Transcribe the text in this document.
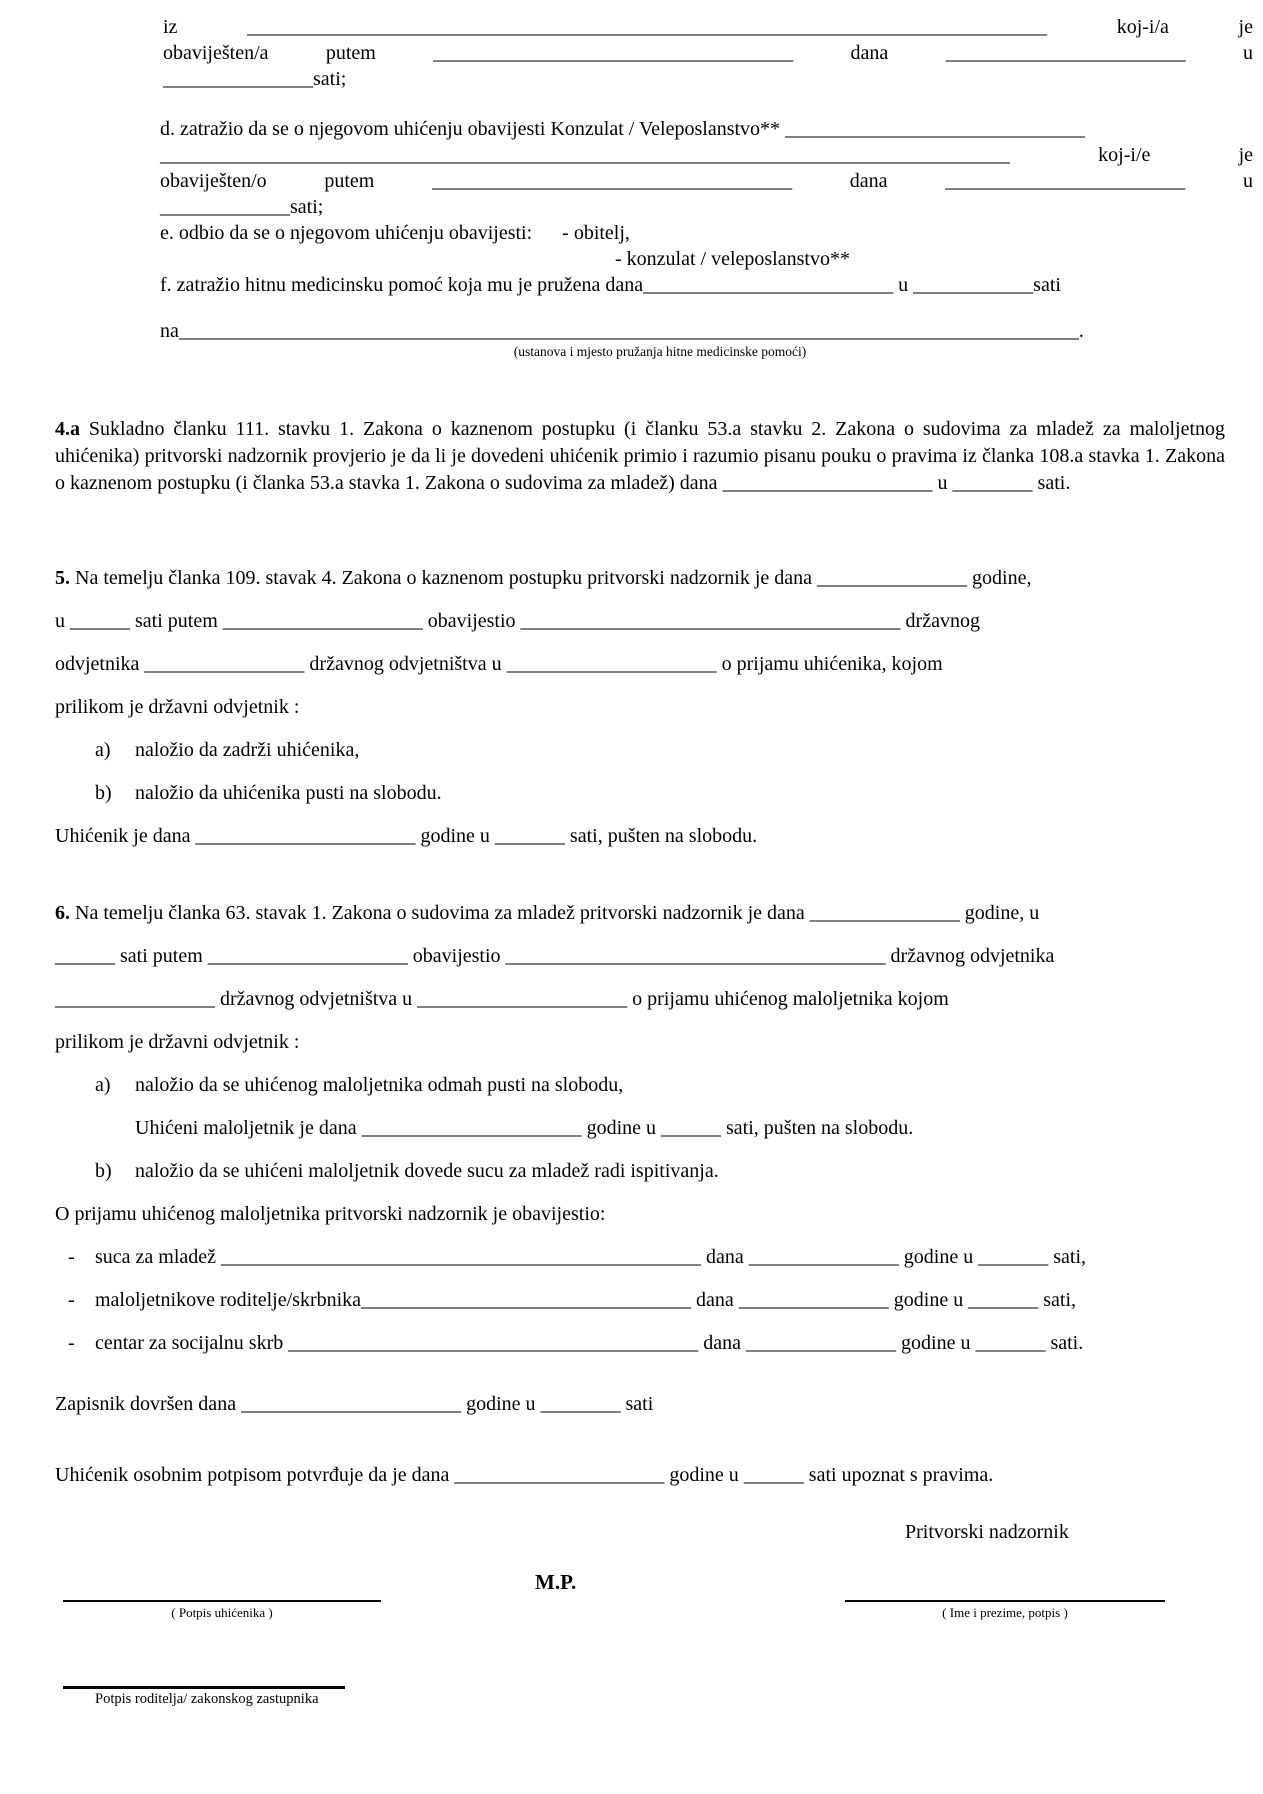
iz	________________________________________________________________________________	koj-i/a	je
obaviješten/a	putem	____________________________________	dana	________________________	u
_______________sati;
d. zatražio da se o njegovom uhićenju obavijesti Konzulat / Veleposlanstvo** ______________________________
_____________________________________________________________________________________	koj-i/e	je
obaviješten/o	putem	____________________________________	dana	________________________	u
_____________sati;
e. odbio da se o njegovom uhićenju obavijesti: - obitelj,
- konzulat / veleposlanstvo**
f. zatražio hitnu medicinsku pomoć koja mu je pružena dana_________________________ u ____________sati
na__________________________________________________________________________________________.
(ustanova i mjesto pružanja hitne medicinske pomoći)
4.a Sukladno članku 111. stavku 1. Zakona o kaznenom postupku (i članku 53.a stavku 2. Zakona o sudovima za mladež za maloljetnog uhićenika) pritvorski nadzornik provjerio je da li je dovedeni uhićenik primio i razumio pisanu pouku o pravima iz članka 108.a stavka 1. Zakona o kaznenom postupku (i članka 53.a stavka 1. Zakona o sudovima za mladež) dana _____________________ u ________ sati.
5. Na temelju članka 109. stavak 4. Zakona o kaznenom postupku pritvorski nadzornik je dana _______________ godine,
u ______ sati putem ____________________ obavijestio ______________________________________ državnog
odvjetnika ________________ državnog odvjetništva u _____________________ o prijamu uhićenika, kojom
prilikom je državni odvjetnik :
a) naložio da zadrži uhićenika,
b) naložio da uhićenika pusti na slobodu.
Uhićenik je dana ______________________ godine u _______ sati, pušten na slobodu.
6. Na temelju članka 63. stavak 1. Zakona o sudovima za mladež pritvorski nadzornik je dana _______________ godine, u
______ sati putem ____________________ obavijestio ______________________________________ državnog odvjetnika
________________ državnog odvjetništva u _____________________ o prijamu uhićenog maloljetnika kojom
prilikom je državni odvjetnik :
a) naložio da se uhićenog maloljetnika odmah pusti na slobodu,
Uhićeni maloljetnik je dana ______________________ godine u ______ sati, pušten na slobodu.
b) naložio da se uhićeni maloljetnik dovede sucu za mladež radi ispitivanja.
O prijamu uhićenog maloljetnika pritvorski nadzornik je obavijestio:
-	suca za mladež ________________________________________________ dana _______________ godine u _______ sati,
-	maloljetnikove roditelje/skrbnika_________________________________ dana _______________ godine u _______ sati,
-	centar za socijalnu skrb _________________________________________ dana _______________ godine u _______ sati.
Zapisnik dovršen dana ______________________ godine u ________ sati
Uhićenik osobnim potpisom potvrđuje da je dana _____________________ godine u ______ sati upoznat s pravima.
Pritvorski nadzornik
( Potpis uhićenika )
M.P.
( Ime i prezime, potpis )
Potpis roditelja/ zakonskog zastupnika
